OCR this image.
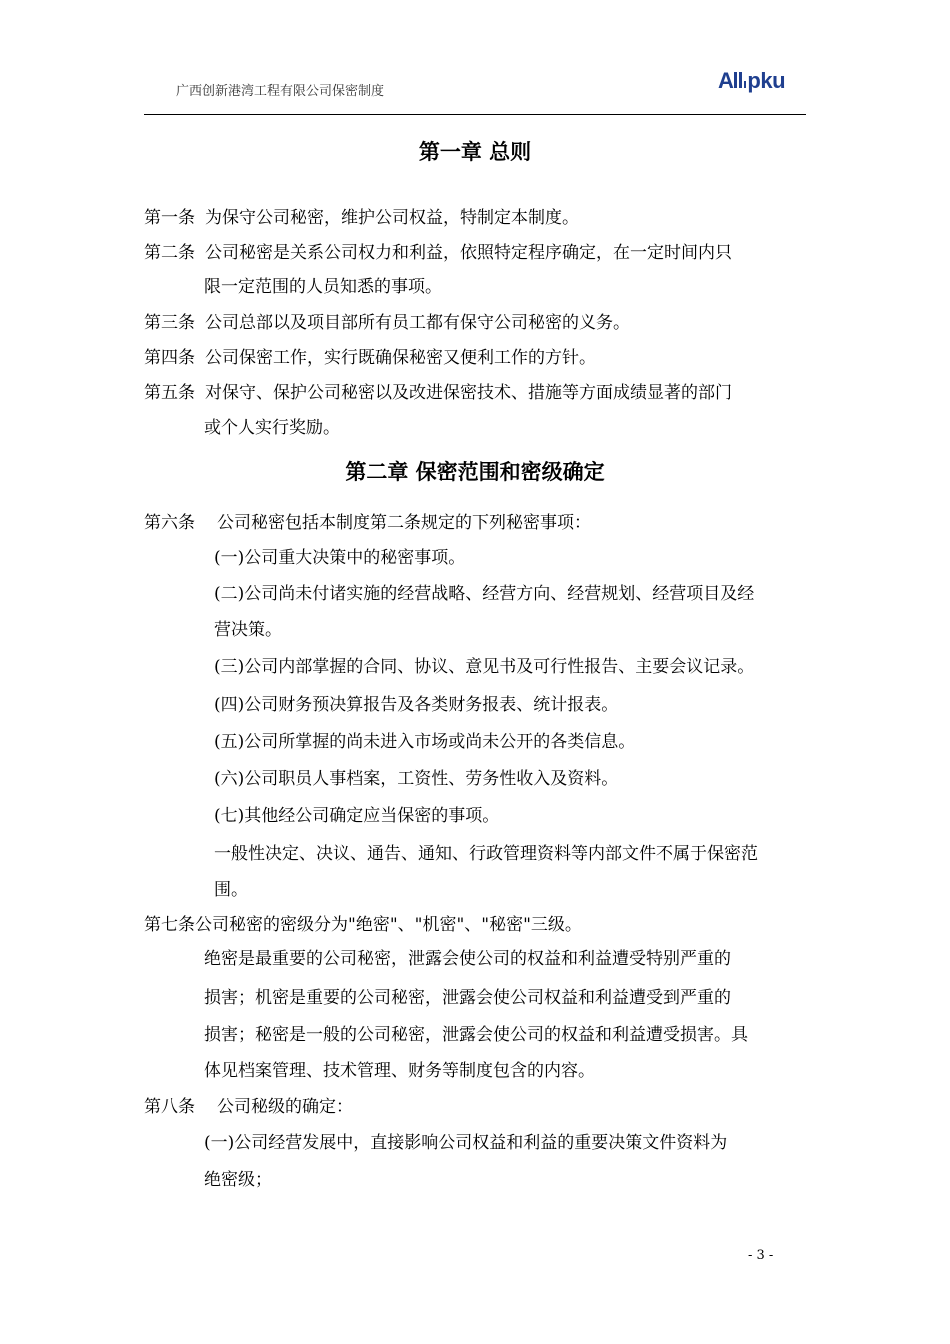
广西创新港湾工程有限公司保密制度	A pku
第一章 总则
第一条 为保守公司秘密，维护公司权益，特制定本制度。
第二条 公司秘密是关系公司权力和利益，依照特定程序确定，在一定时间内只
限一定范围的人员知悉的事项。
第三条 公司总部以及项目部所有员工都有保守公司秘密的义务。
第四条 公司保密工作，实行既确保秘密又便利工作的方针。
第五条 对保守、保护公司秘密以及改进保密技术、措施等方面成绩显著的部门
或个人实行奖励。
第二章 保密范围和密级确定
第六条 公司秘密包括本制度第二条规定的下列秘密事项：
(一)公司重大决策中的秘密事项。
(二)公司尚未付诸实施的经营战略、经营方向、经营规划、经营项目及经
营决策。
(三)公司内部掌握的合同、协议、意见书及可行性报告、主要会议记录。
(四)公司财务预决算报告及各类财务报表、统计报表。
(五)公司所掌握的尚未进入市场或尚未公开的各类信息。
(六)公司职员人事档案，工资性、劳务性收入及资料。
(七)其他经公司确定应当保密的事项。
一般性决定、决议、通告、通知、行政管理资料等内部文件不属于保密范
围。
第七条公司秘密的密级分为"绝密"、"机密"、"秘密"三级。
绝密是最重要的公司秘密，泄露会使公司的权益和利益遭受特别严重的
损害；机密是重要的公司秘密，泄露会使公司权益和利益遭受到严重的
损害；秘密是一般的公司秘密，泄露会使公司的权益和利益遭受损害。具
体见档案管理、技术管理、财务等制度包含的内容。
第八条 公司秘级的确定：
(一)公司经营发展中，直接影响公司权益和利益的重要决策文件资料为
绝密级；
- 3 -
